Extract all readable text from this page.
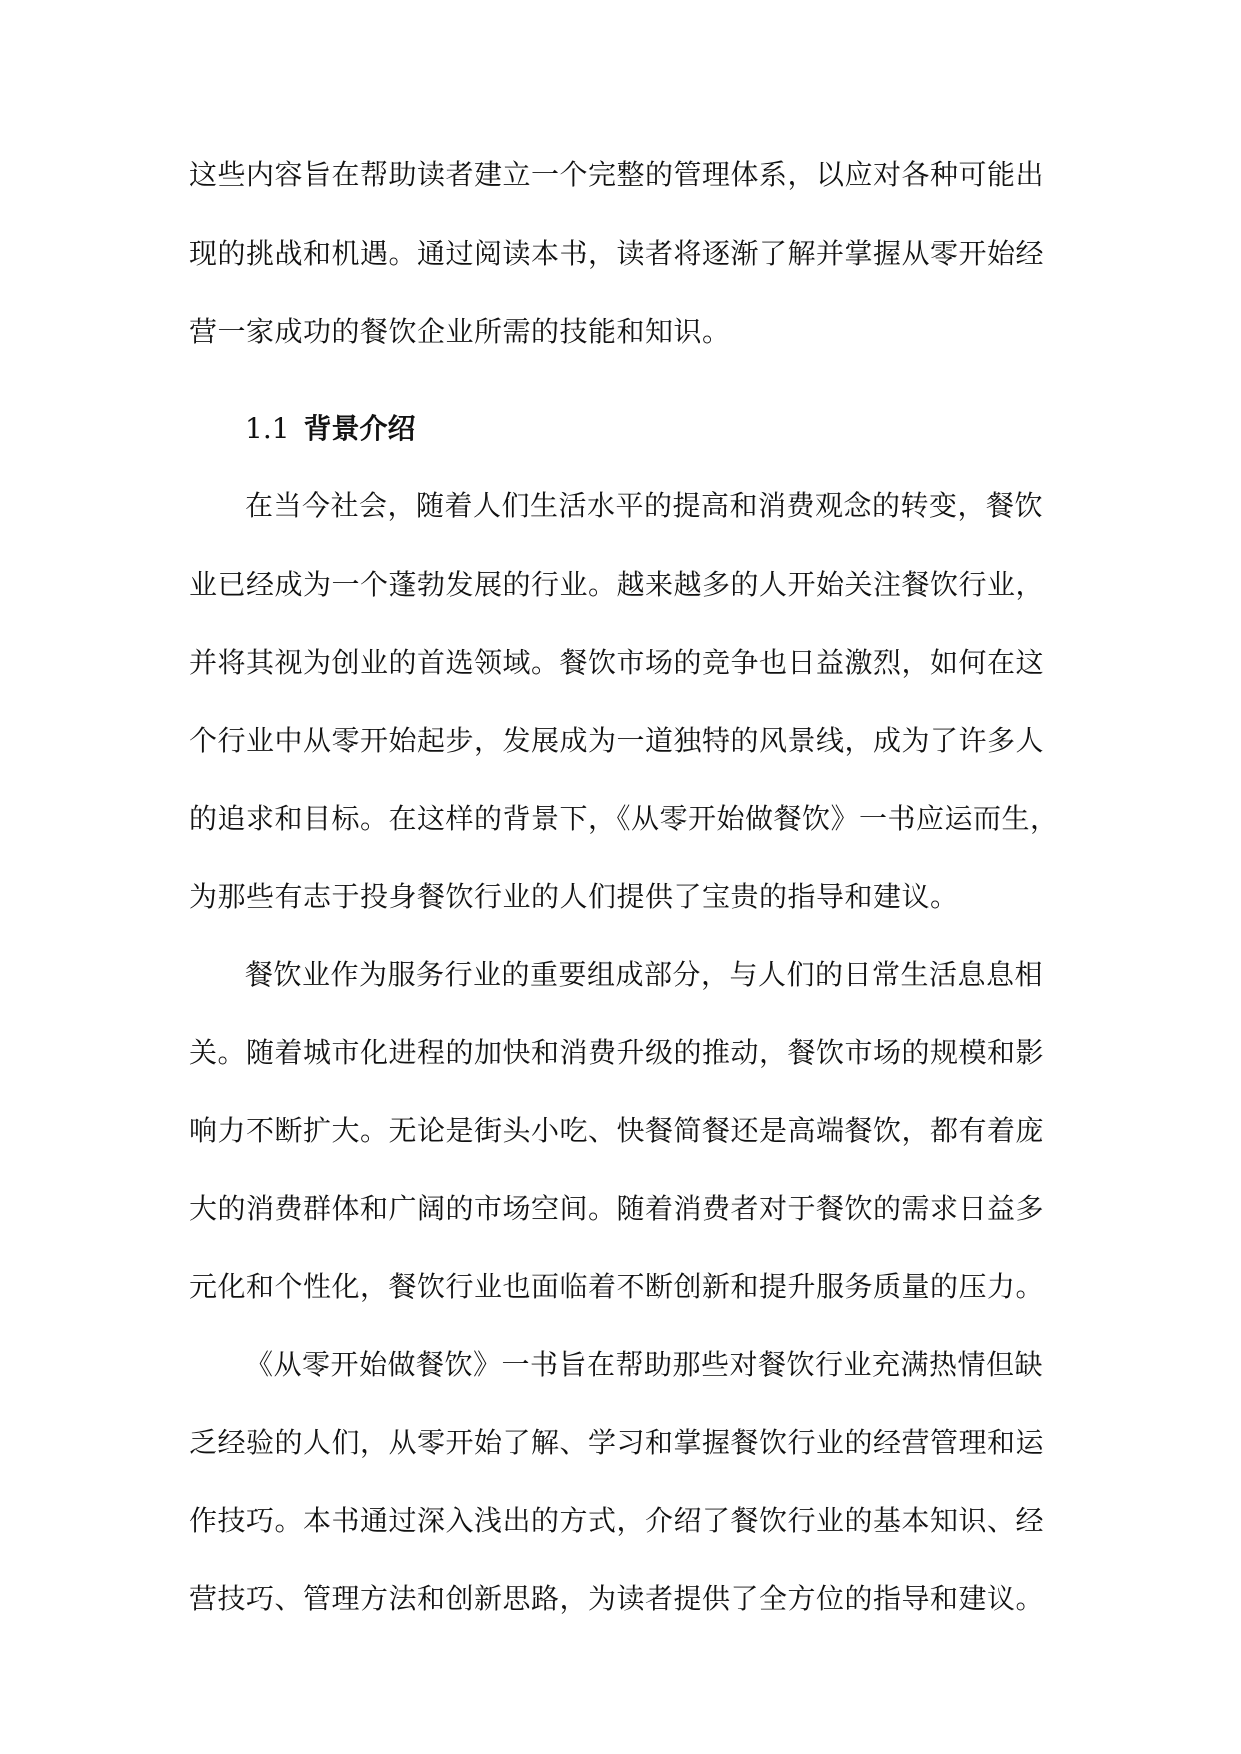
这些内容旨在帮助读者建立一个完整的管理体系，以应对各种可能出
现的挑战和机遇。通过阅读本书，读者将逐渐了解并掌握从零开始经
营一家成功的餐饮企业所需的技能和知识。
1.1 背景介绍
在当今社会，随着人们生活水平的提高和消费观念的转变，餐饮
业已经成为一个蓬勃发展的行业。越来越多的人开始关注餐饮行业，
并将其视为创业的首选领域。餐饮市场的竞争也日益激烈，如何在这
个行业中从零开始起步，发展成为一道独特的风景线，成为了许多人
的追求和目标。在这样的背景下，《从零开始做餐饮》一书应运而生，
为那些有志于投身餐饮行业的人们提供了宝贵的指导和建议。
餐饮业作为服务行业的重要组成部分，与人们的日常生活息息相
关。随着城市化进程的加快和消费升级的推动，餐饮市场的规模和影
响力不断扩大。无论是街头小吃、快餐简餐还是高端餐饮，都有着庞
大的消费群体和广阔的市场空间。随着消费者对于餐饮的需求日益多
元化和个性化，餐饮行业也面临着不断创新和提升服务质量的压力。
《从零开始做餐饮》一书旨在帮助那些对餐饮行业充满热情但缺
乏经验的人们，从零开始了解、学习和掌握餐饮行业的经营管理和运
作技巧。本书通过深入浅出的方式，介绍了餐饮行业的基本知识、经
营技巧、管理方法和创新思路，为读者提供了全方位的指导和建议。
